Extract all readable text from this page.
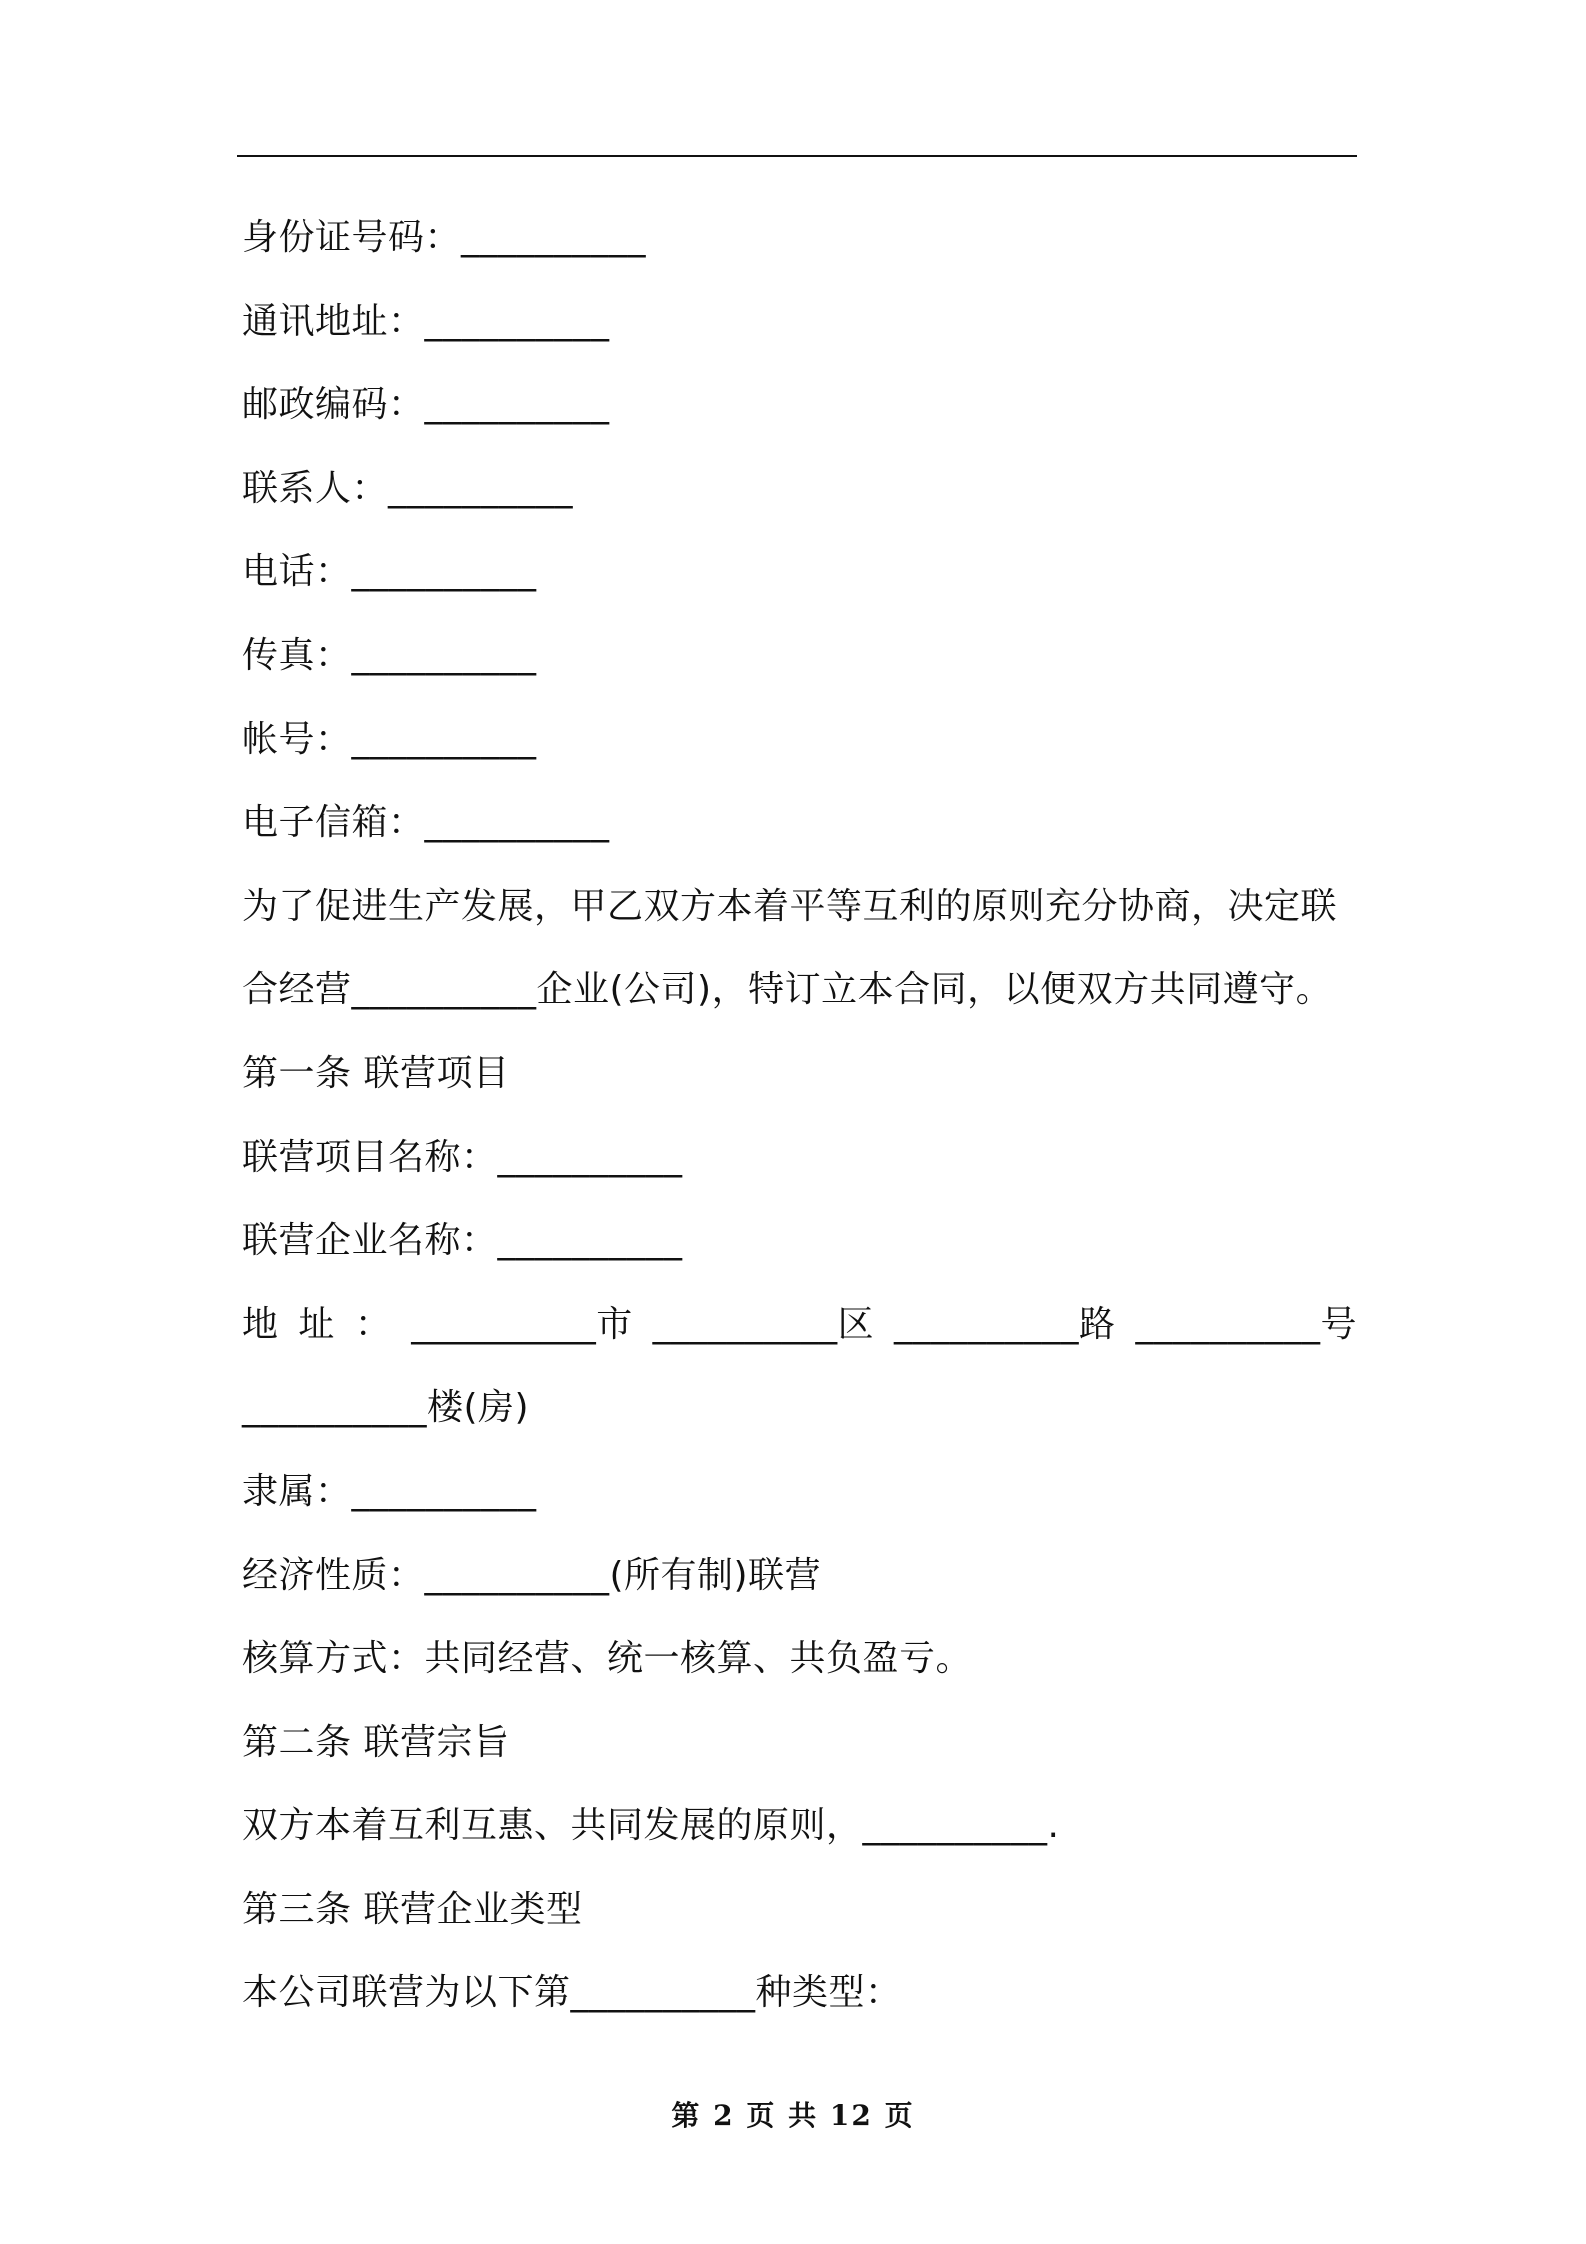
身份证号码：__________
通讯地址：__________
邮政编码：__________
联系人：__________
电话：__________
传真：__________
帐号：__________
电子信箱：__________
为了促进生产发展，甲乙双方本着平等互利的原则充分协商，决定联
合经营__________企业(公司)，特订立本合同，以便双方共同遵守。
第一条 联营项目
联营项目名称：__________
联营企业名称：__________
地 址 ： __________市 __________区 __________路 __________号
__________楼(房)
隶属：__________
经济性质：__________(所有制)联营
核算方式：共同经营、统一核算、共负盈亏。
第二条 联营宗旨
双方本着互利互惠、共同发展的原则，__________.
第三条 联营企业类型
本公司联营为以下第__________种类型：
第 2 页 共 12 页
